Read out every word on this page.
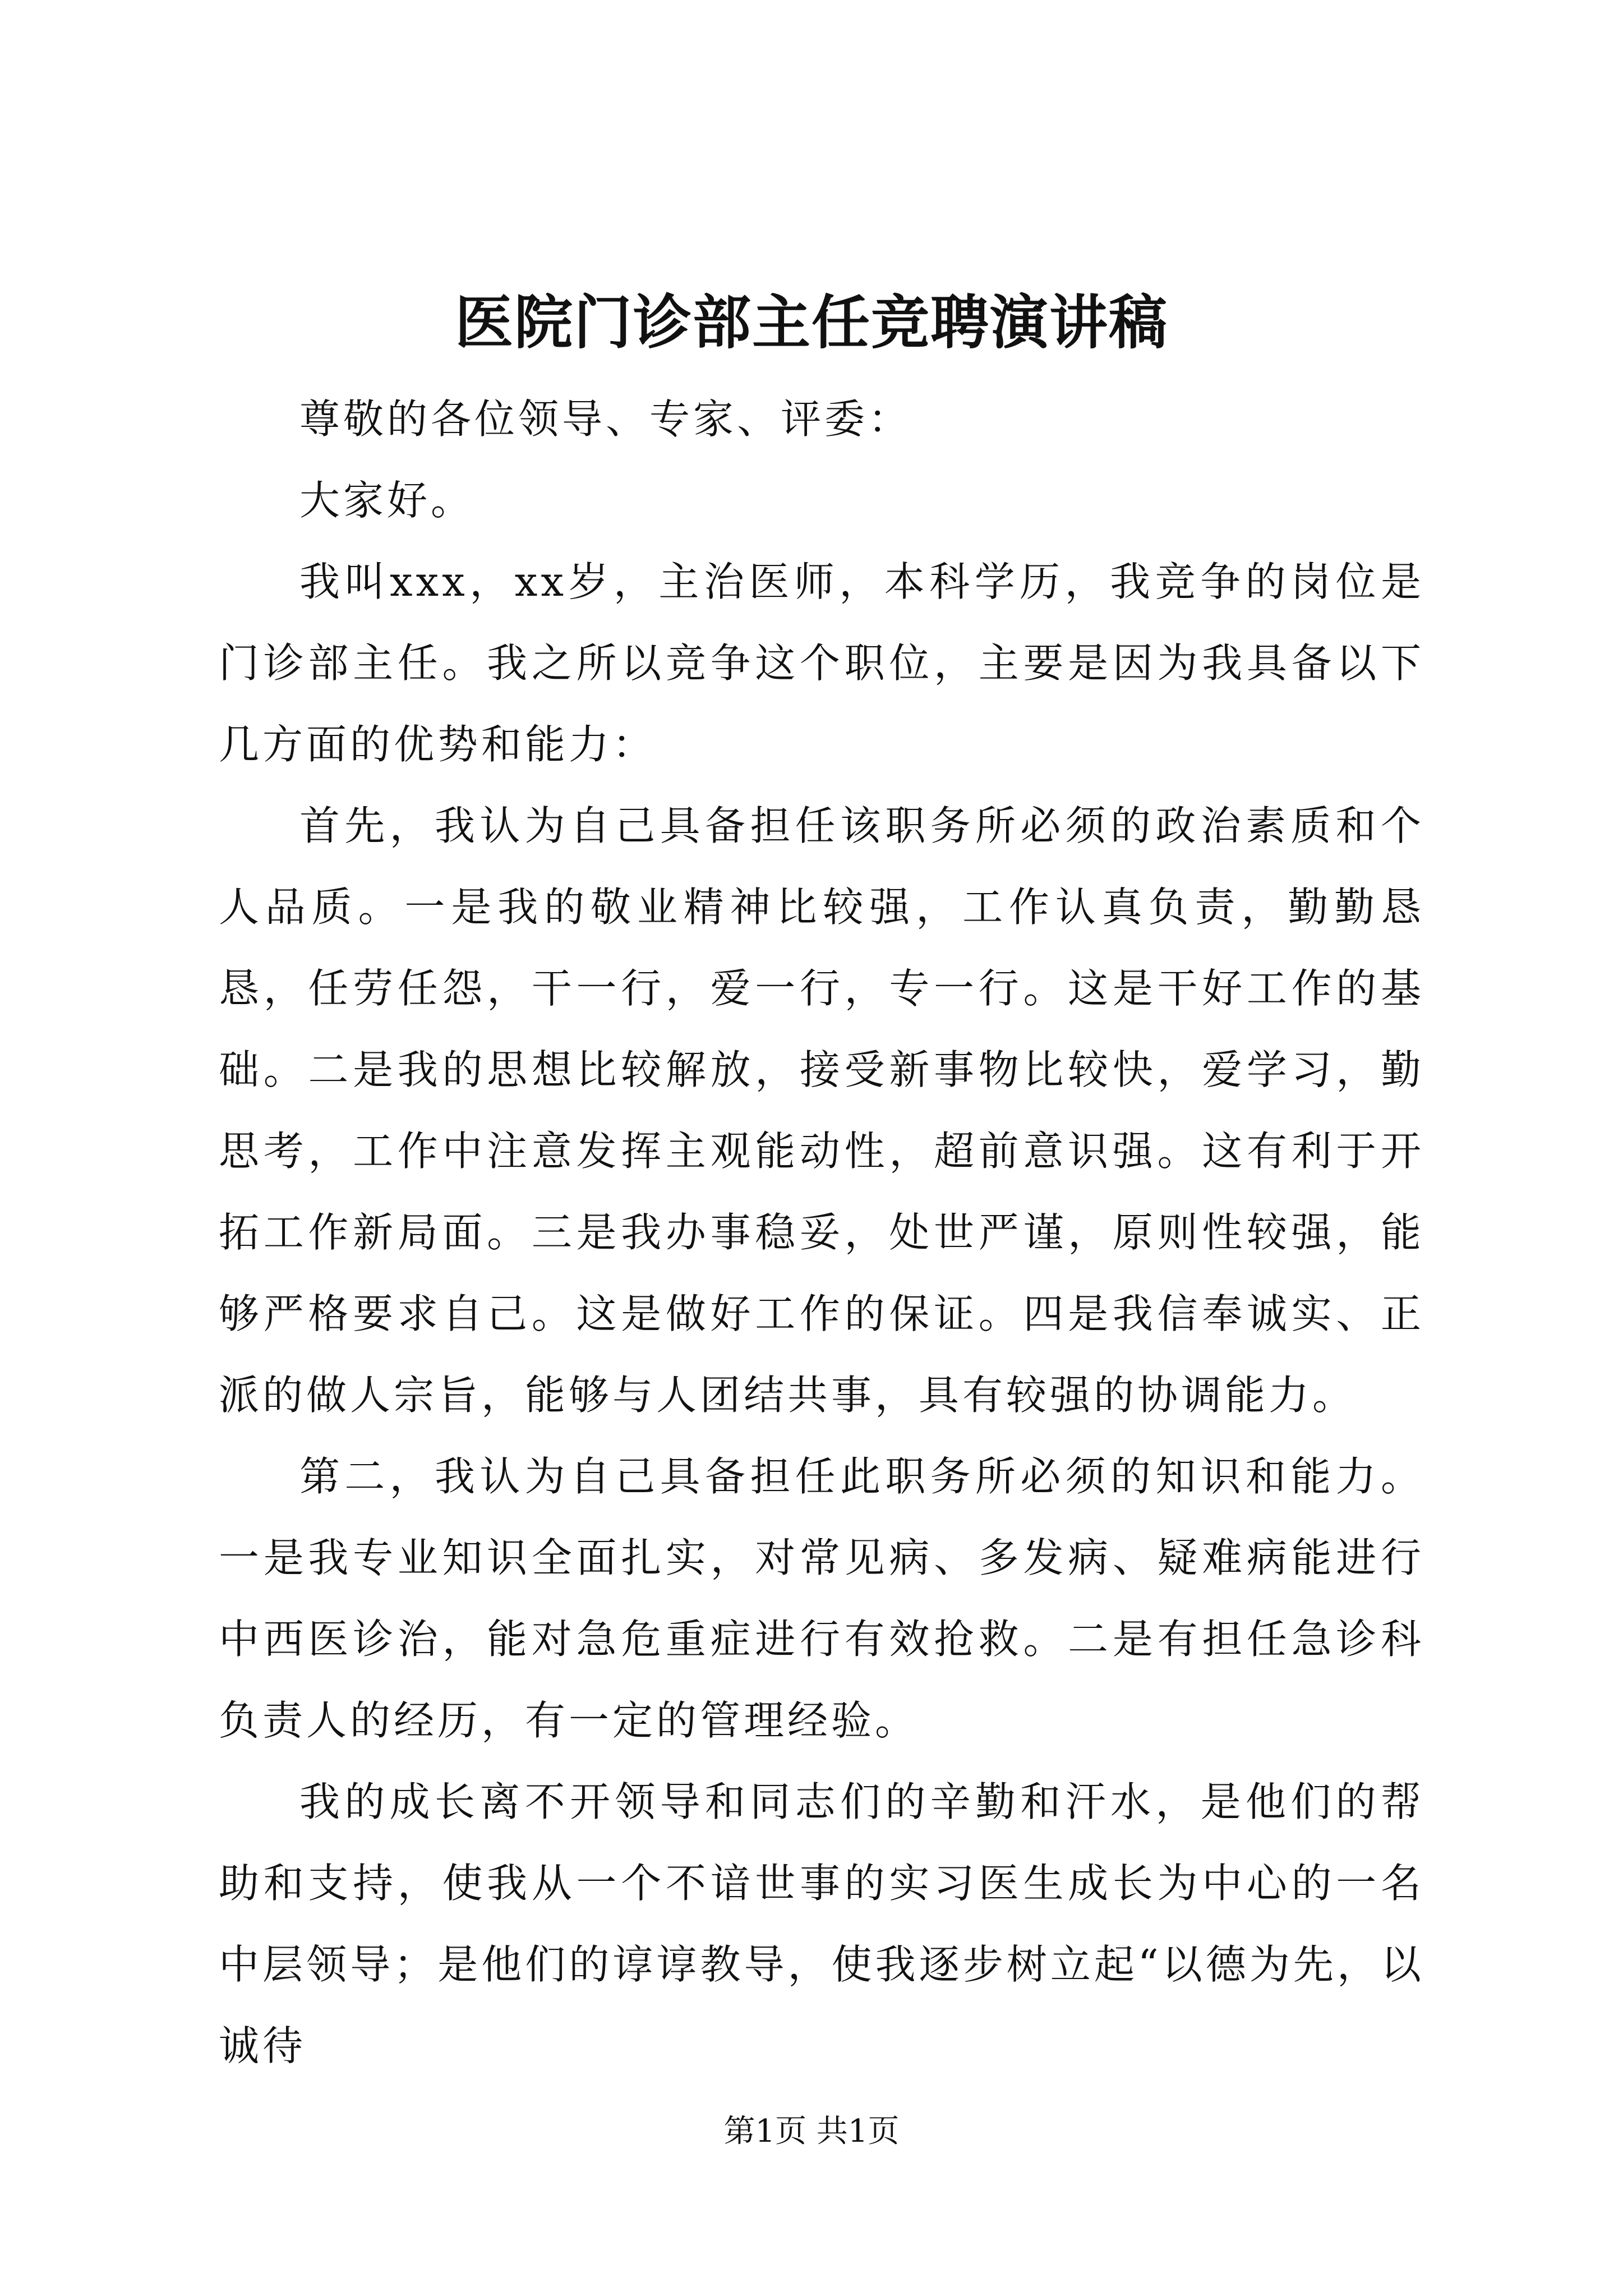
医院门诊部主任竞聘演讲稿

尊敬的各位领导、专家、评委：

大家好。

我叫xxx，xx岁，主治医师，本科学历，我竞争的岗位是门诊部主任。我之所以竞争这个职位，主要是因为我具备以下几方面的优势和能力：

首先，我认为自己具备担任该职务所必须的政治素质和个人品质。一是我的敬业精神比较强，工作认真负责，勤勤恳恳，任劳任怨，干一行，爱一行，专一行。这是干好工作的基础。二是我的思想比较解放，接受新事物比较快，爱学习，勤思考，工作中注意发挥主观能动性，超前意识强。这有利于开拓工作新局面。三是我办事稳妥，处世严谨，原则性较强，能够严格要求自己。这是做好工作的保证。四是我信奉诚实、正派的做人宗旨，能够与人团结共事，具有较强的协调能力。

第二，我认为自己具备担任此职务所必须的知识和能力。一是我专业知识全面扎实，对常见病、多发病、疑难病能进行中西医诊治，能对急危重症进行有效抢救。二是有担任急诊科负责人的经历，有一定的管理经验。

我的成长离不开领导和同志们的辛勤和汗水，是他们的帮助和支持，使我从一个不谙世事的实习医生成长为中心的一名中层领导；是他们的谆谆教导，使我逐步树立起“以德为先，以诚待

第1页 共1页
